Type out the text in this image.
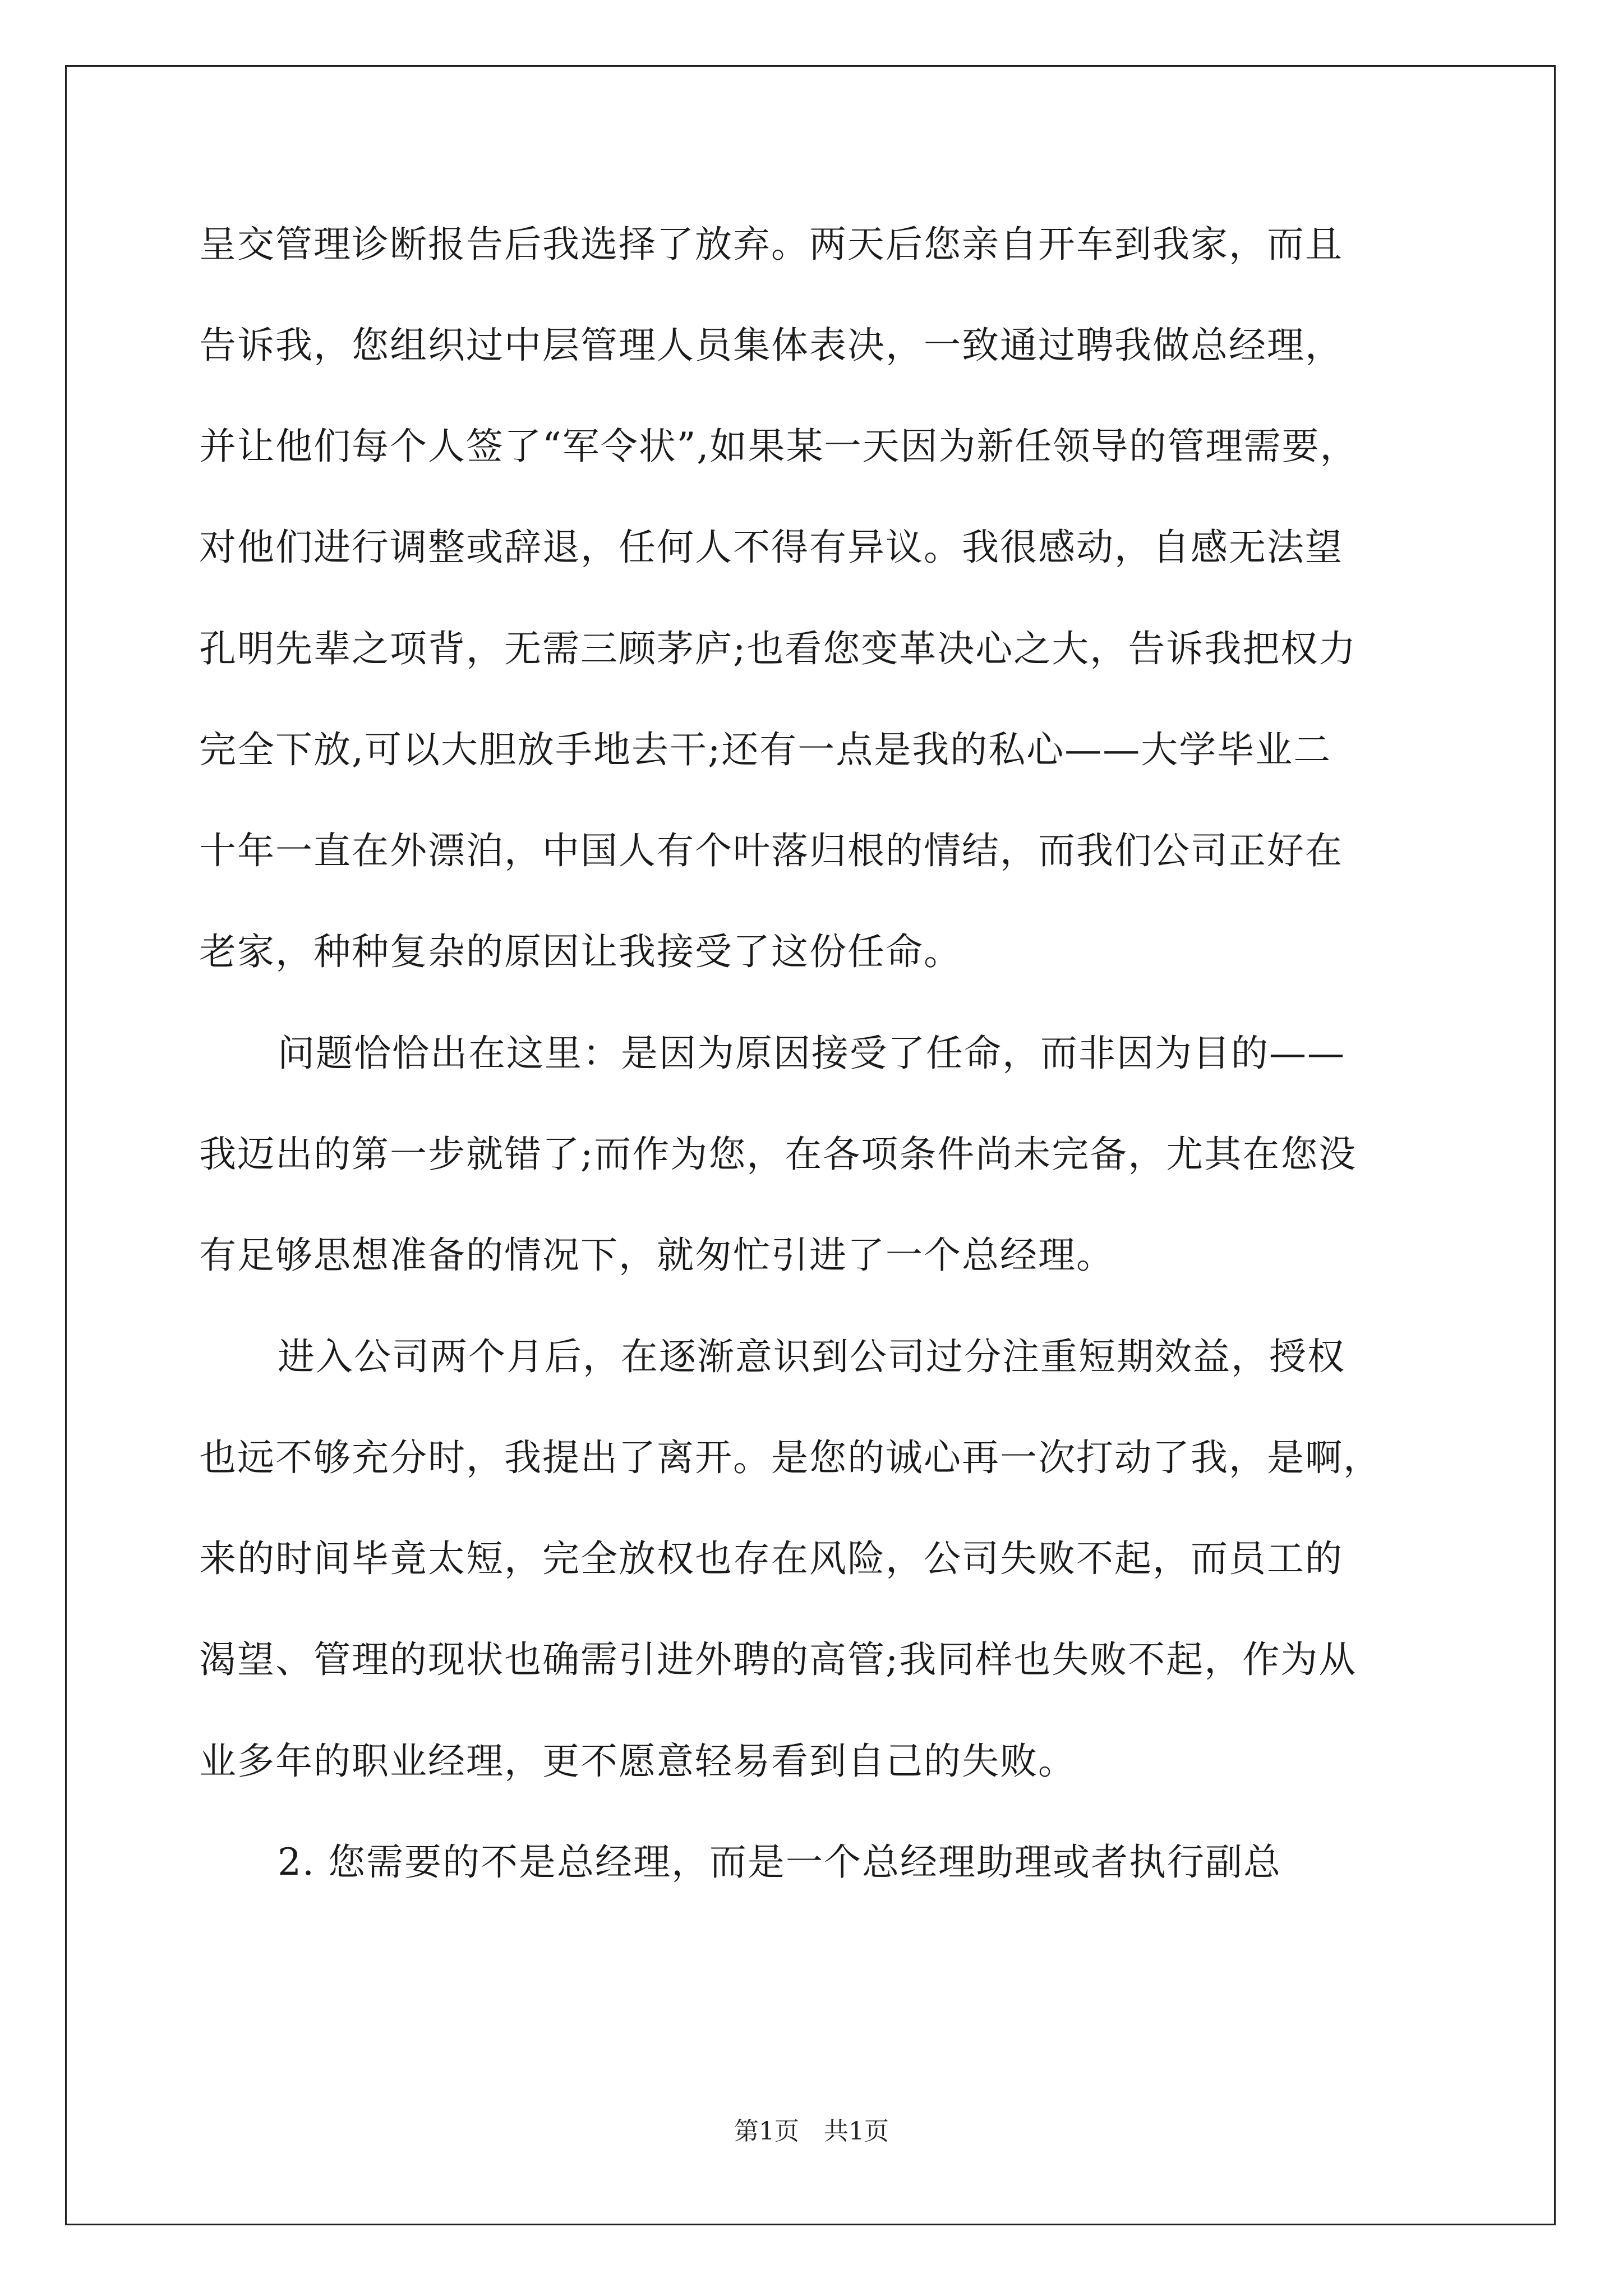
呈交管理诊断报告后我选择了放弃。两天后您亲自开车到我家，而且

告诉我，您组织过中层管理人员集体表决，一致通过聘我做总经理，

并让他们每个人签了“军令状”,如果某一天因为新任领导的管理需要，

对他们进行调整或辞退，任何人不得有异议。我很感动，自感无法望

孔明先辈之项背，无需三顾茅庐;也看您变革决心之大，告诉我把权力

完全下放,可以大胆放手地去干;还有一点是我的私心——大学毕业二

十年一直在外漂泊，中国人有个叶落归根的情结，而我们公司正好在

老家，种种复杂的原因让我接受了这份任命。

问题恰恰出在这里：是因为原因接受了任命，而非因为目的——

我迈出的第一步就错了;而作为您，在各项条件尚未完备，尤其在您没

有足够思想准备的情况下，就匆忙引进了一个总经理。

进入公司两个月后，在逐渐意识到公司过分注重短期效益，授权

也远不够充分时，我提出了离开。是您的诚心再一次打动了我，是啊，

来的时间毕竟太短，完全放权也存在风险，公司失败不起，而员工的

渴望、管理的现状也确需引进外聘的高管;我同样也失败不起，作为从

业多年的职业经理，更不愿意轻易看到自己的失败。

2. 您需要的不是总经理，而是一个总经理助理或者执行副总

第1页 共1页
